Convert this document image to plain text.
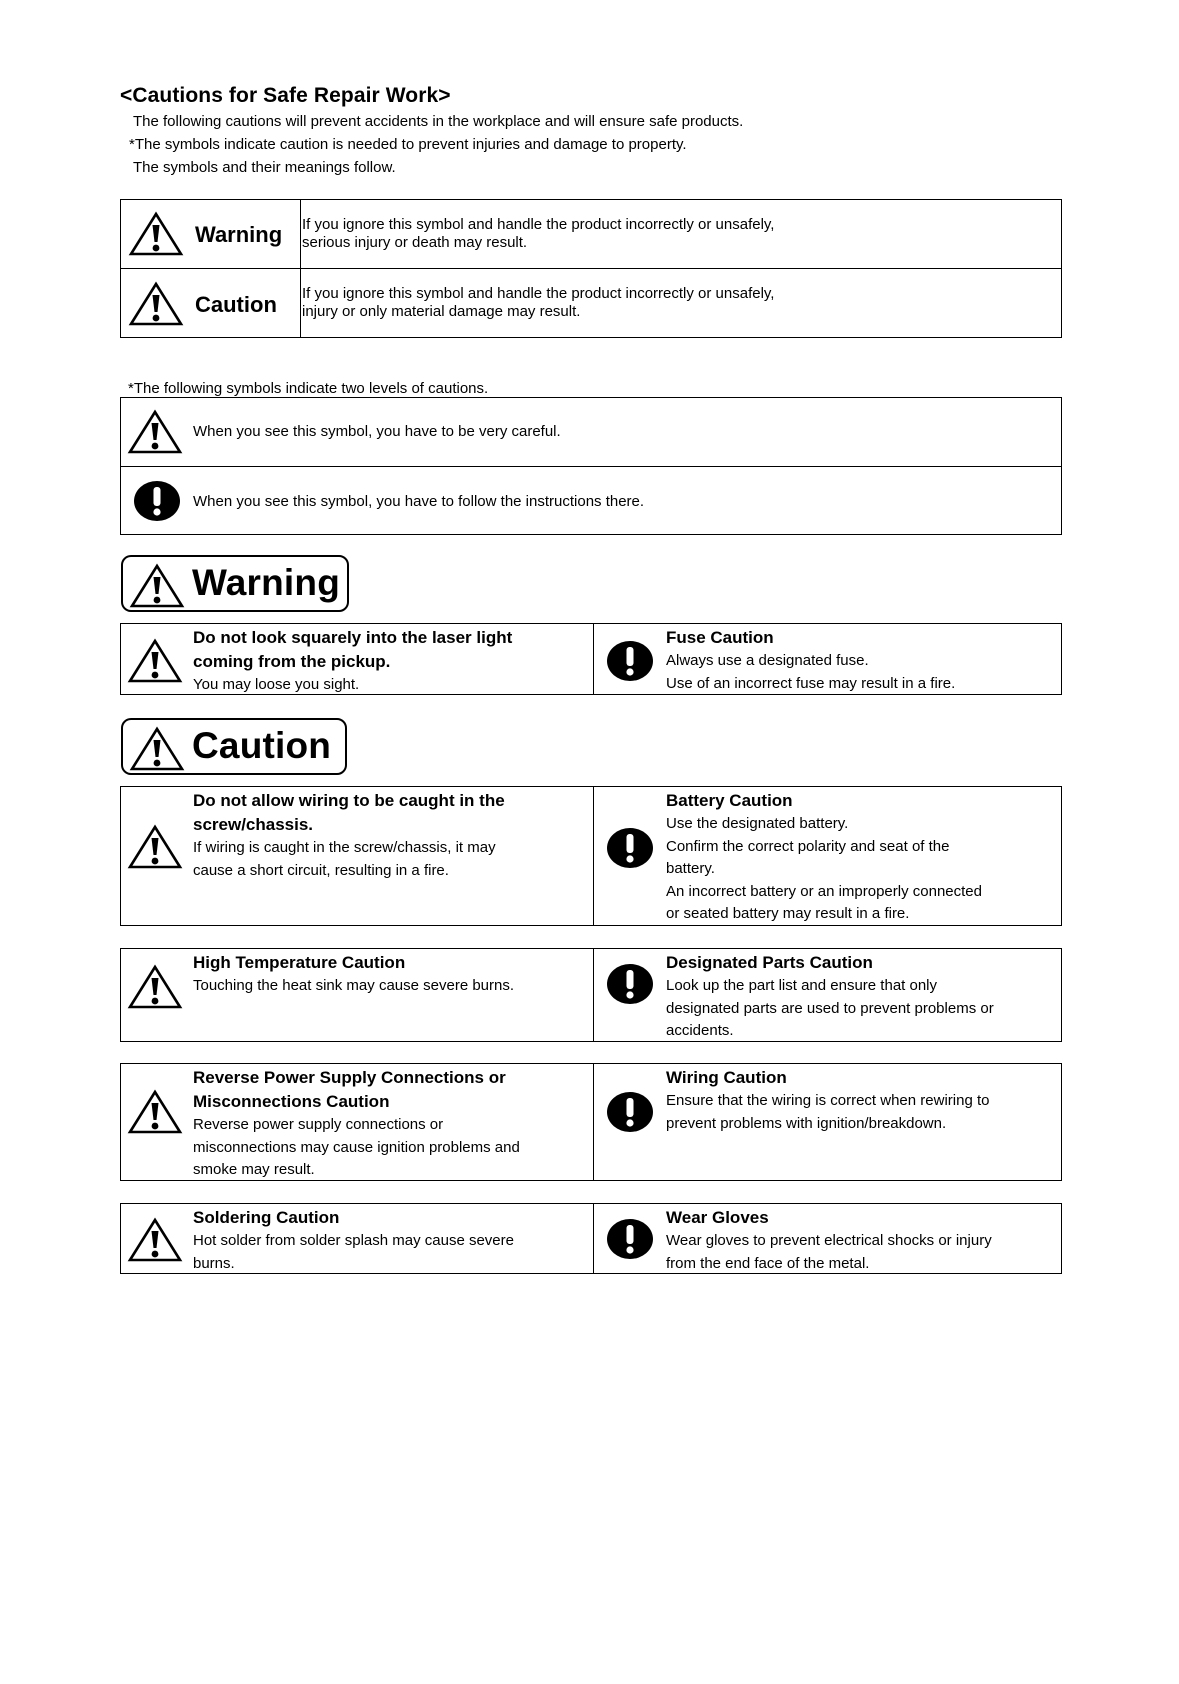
<Cautions for Safe Repair Work>
The following cautions will prevent accidents in the workplace and will ensure safe products.
*The symbols indicate caution is needed to prevent injuries and damage to property.
The symbols and their meanings follow.
Warning If you ignore this symbol and handle the product incorrectly or unsafely,
serious injury or death may result.
Caution If you ignore this symbol and handle the product incorrectly or unsafely,
injury or only material damage may result.
*The following symbols indicate two levels of cautions.
When you see this symbol, you have to be very careful.
When you see this symbol, you have to follow the instructions there.
Warning
Do not look squarely into the laser light
coming from the pickup.
You may loose you sight.
Fuse Caution
Always use a designated fuse.
Use of an incorrect fuse may result in a fire.
Caution
Do not allow wiring to be caught in the
screw/chassis.
If wiring is caught in the screw/chassis, it may
cause a short circuit, resulting in a fire.
Battery Caution
Use the designated battery.
Confirm the correct polarity and seat of the
battery.
An incorrect battery or an improperly connected
or seated battery may result in a fire.
High Temperature Caution
Touching the heat sink may cause severe burns.
Designated Parts Caution
Look up the part list and ensure that only
designated parts are used to prevent problems or
accidents.
Reverse Power Supply Connections or
Misconnections Caution
Reverse power supply connections or
misconnections may cause ignition problems and
smoke may result.
Wiring Caution
Ensure that the wiring is correct when rewiring to
prevent problems with ignition/breakdown.
Soldering Caution
Hot solder from solder splash may cause severe
burns.
Wear Gloves
Wear gloves to prevent electrical shocks or injury
from the end face of the metal.
